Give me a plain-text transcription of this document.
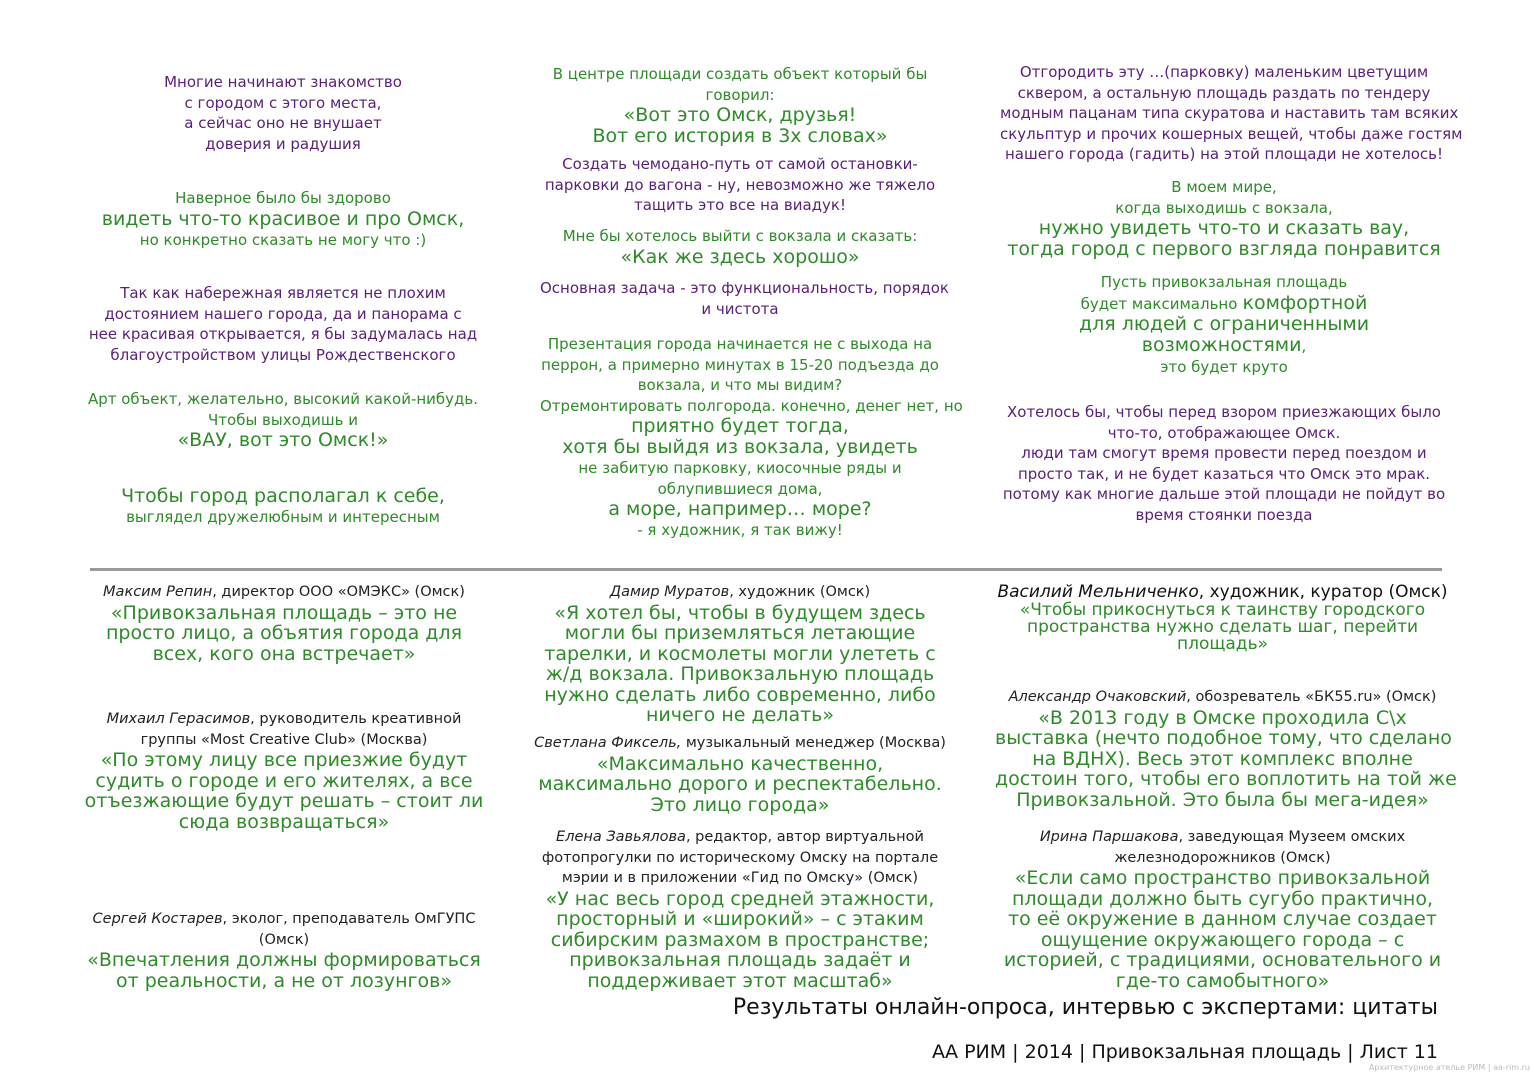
Многие начинают знакомство
с городом с этого места,
а сейчас оно не внушает
доверия и радушия
Наверное было бы здорово
видеть что-то красивое и про Омск,
но конкретно сказать не могу что :)
Так как набережная является не плохим
достоянием нашего города, да и панорама с
нее красивая открывается, я бы задумалась над
благоустройством улицы Рождественского
Арт объект, желательно, высокий какой-нибудь.
Чтобы выходишь и
«ВАУ, вот это Омск!»
Чтобы город располагал к себе,
выглядел дружелюбным и интересным
В центре площади создать объект который бы
говорил:
«Вот это Омск, друзья!
Вот его история в 3х словах»
Создать чемодано-путь от самой остановки-
парковки до вагона - ну, невозможно же тяжело
тащить это все на виадук!
Мне бы хотелось выйти с вокзала и сказать:
«Как же здесь хорошо»
Основная задача - это функциональность, порядок
и чистота
Презентация города начинается не с выхода на
перрон, а примерно минутах в 15-20 подъезда до
вокзала, и что мы видим?
Отремонтировать полгорода. конечно, денег нет, но
приятно будет тогда,
хотя бы выйдя из вокзала, увидеть
не забитую парковку, киосочные ряды и
облупившиеся дома,
а море, например… море?
- я художник, я так вижу!
Отгородить эту …(парковку) маленьким цветущим
сквером, а остальную площадь раздать по тендеру
модным пацанам типа скуратова и наставить там всяких
скульптур и прочих кошерных вещей, чтобы даже гостям
нашего города (гадить) на этой площади не хотелось!
В моем мире,
когда выходишь с вокзала,
нужно увидеть что-то и сказать вау,
тогда город с первого взгляда понравится
Пусть привокзальная площадь
будет максимально комфортной
для людей с ограниченными
возможностями,
это будет круто
Хотелось бы, чтобы перед взором приезжающих было
что-то, отображающее Омск.
люди там смогут время провести перед поездом и
просто так, и не будет казаться что Омск это мрак.
потому как многие дальше этой площади не пойдут во
время стоянки поезда
Максим Репин, директор ООО «ОМЭКС» (Омск)
«Привокзальная площадь – это не
просто лицо, а объятия города для
всех, кого она встречает»
Михаил Герасимов, руководитель креативной
группы «Most Creative Club» (Москва)
«По этому лицу все приезжие будут
судить о городе и его жителях, а все
отъезжающие будут решать – стоит ли
сюда возвращаться»
Сергей Костарев, эколог, преподаватель ОмГУПС
(Омск)
«Впечатления должны формироваться
от реальности, а не от лозунгов»
Дамир Муратов, художник (Омск)
«Я хотел бы, чтобы в будущем здесь
могли бы приземляться летающие
тарелки, и космолеты могли улететь с
ж/д вокзала. Привокзальную площадь
нужно сделать либо современно, либо
ничего не делать»
Светлана Фиксель, музыкальный менеджер (Москва)
«Максимально качественно,
максимально дорого и респектабельно.
Это лицо города»
Елена Завьялова, редактор, автор виртуальной
фотопрогулки по историческому Омску на портале
мэрии и в приложении «Гид по Омску» (Омск)
«У нас весь город средней этажности,
просторный и «широкий» – с этаким
сибирским размахом в пространстве;
привокзальная площадь задаёт и
поддерживает этот масштаб»
Василий Мельниченко, художник, куратор (Омск)
«Чтобы прикоснуться к таинству городского
пространства нужно сделать шаг, перейти
площадь»
Александр Очаковский, обозреватель «БК55.ru» (Омск)
«В 2013 году в Омске проходила С\х
выставка (нечто подобное тому, что сделано
на ВДНХ). Весь этот комплекс вполне
достоин того, чтобы его воплотить на той же
Привокзальной. Это была бы мега-идея»
Ирина Паршакова, заведующая Музеем омских
железнодорожников (Омск)
«Если само пространство привокзальной
площади должно быть сугубо практично,
то её окружение в данном случае создает
ощущение окружающего города – с
историей, с традициями, основательного и
где-то самобытного»
Результаты онлайн-опроса, интервью с экспертами: цитаты
АА РИМ | 2014 | Привокзальная площадь | Лист 11
Архитектурное ателье РИМ | aa-rim.ru
